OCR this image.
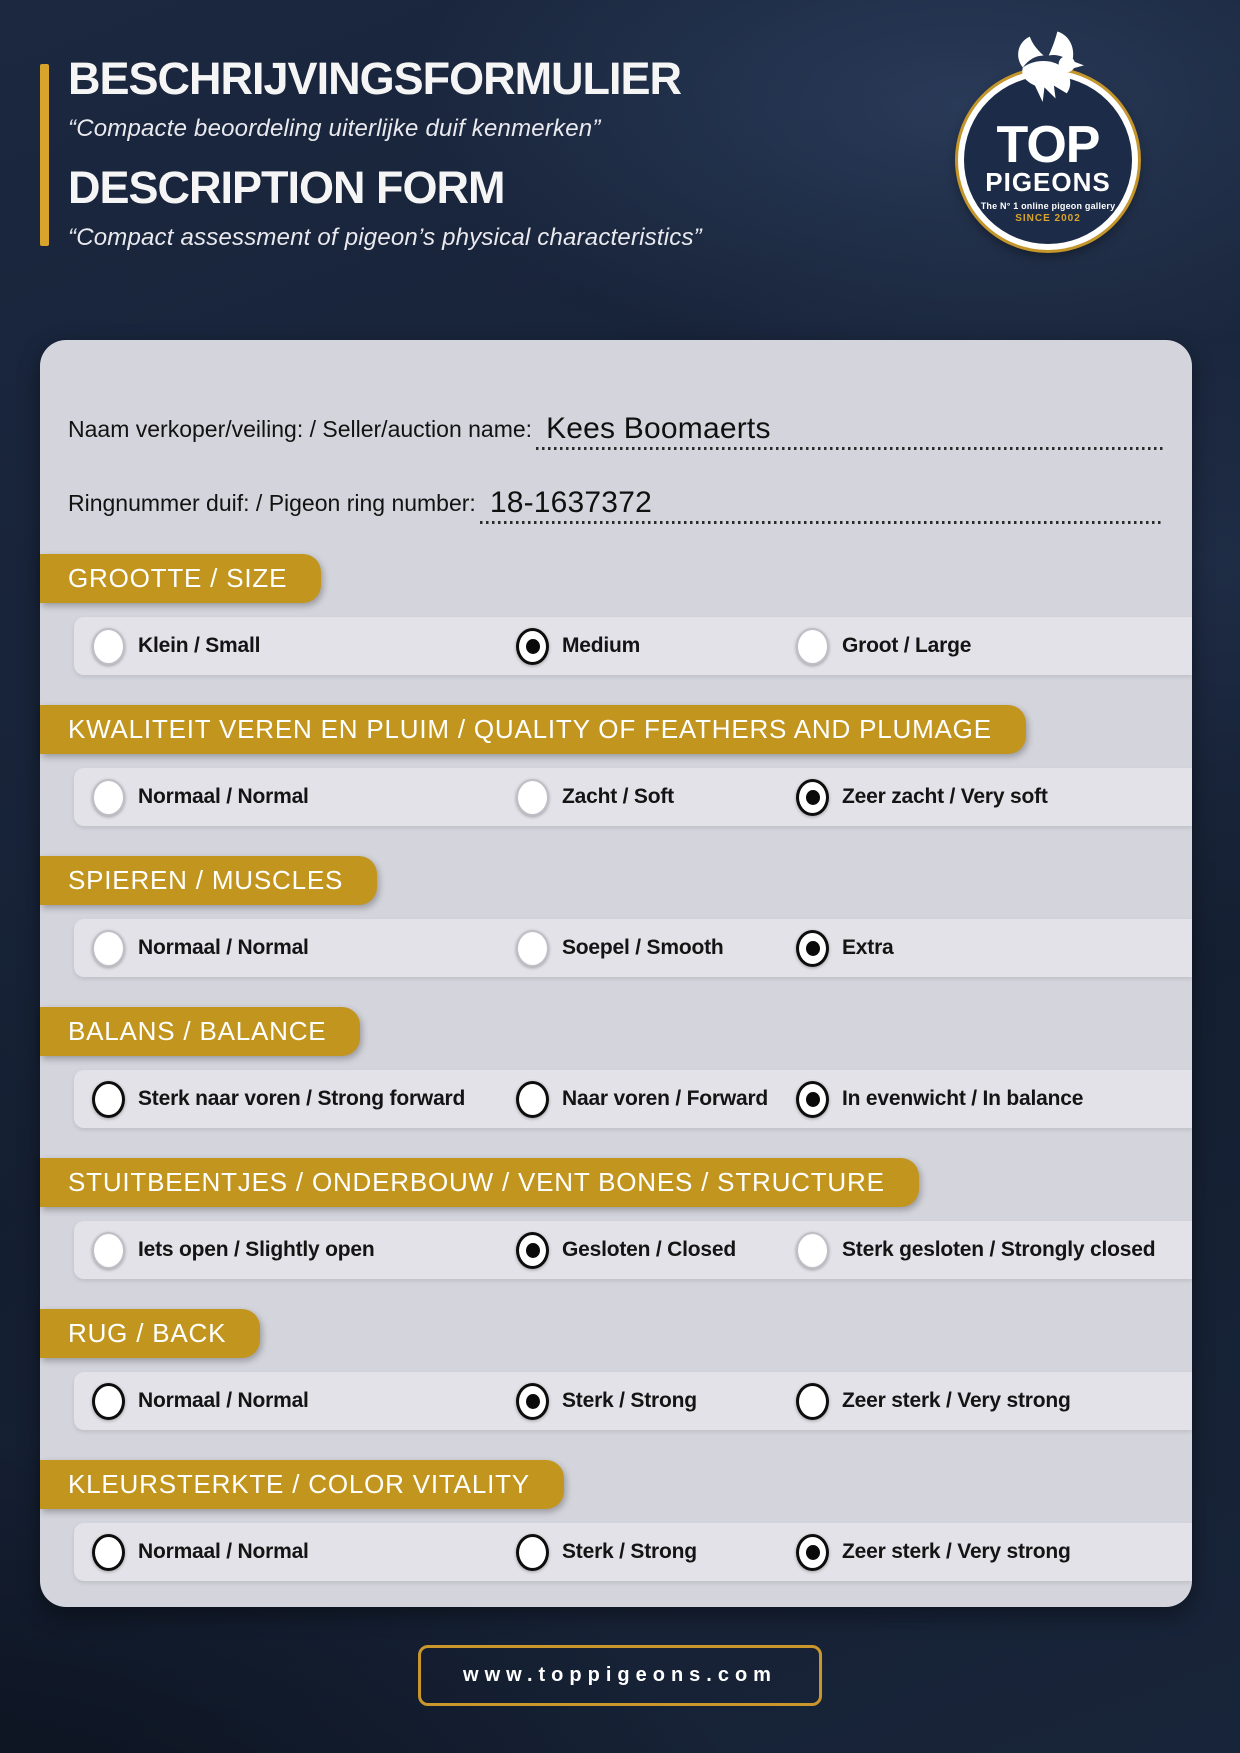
BESCHRIJVINGSFORMULIER

“Compacte beoordeling uiterlijke duif kenmerken”

DESCRIPTION FORM

“Compact assessment of pigeon’s physical characteristics”

TOP
PIGEONS
The N° 1 online pigeon gallery
SINCE 2002
Naam verkoper/veiling: / Seller/auction name: Kees Boomaerts
Ringnummer duif: / Pigeon ring number: 18-1637372
GROOTTE / SIZE
Klein / Small	Medium	Groot / Large
KWALITEIT VEREN EN PLUIM / QUALITY OF FEATHERS AND PLUMAGE
Normaal / Normal	Zacht / Soft	Zeer zacht / Very soft
SPIEREN / MUSCLES
Normaal / Normal	Soepel / Smooth	Extra
BALANS / BALANCE
Sterk naar voren / Strong forward	Naar voren / Forward	In evenwicht / In balance
STUITBEENTJES / ONDERBOUW / VENT BONES / STRUCTURE
Iets open / Slightly open	Gesloten / Closed	Sterk gesloten / Strongly closed
RUG / BACK
Normaal / Normal	Sterk / Strong	Zeer sterk / Very strong
KLEURSTERKTE / COLOR VITALITY
Normaal / Normal	Sterk / Strong	Zeer sterk / Very strong
www.toppigeons.com
